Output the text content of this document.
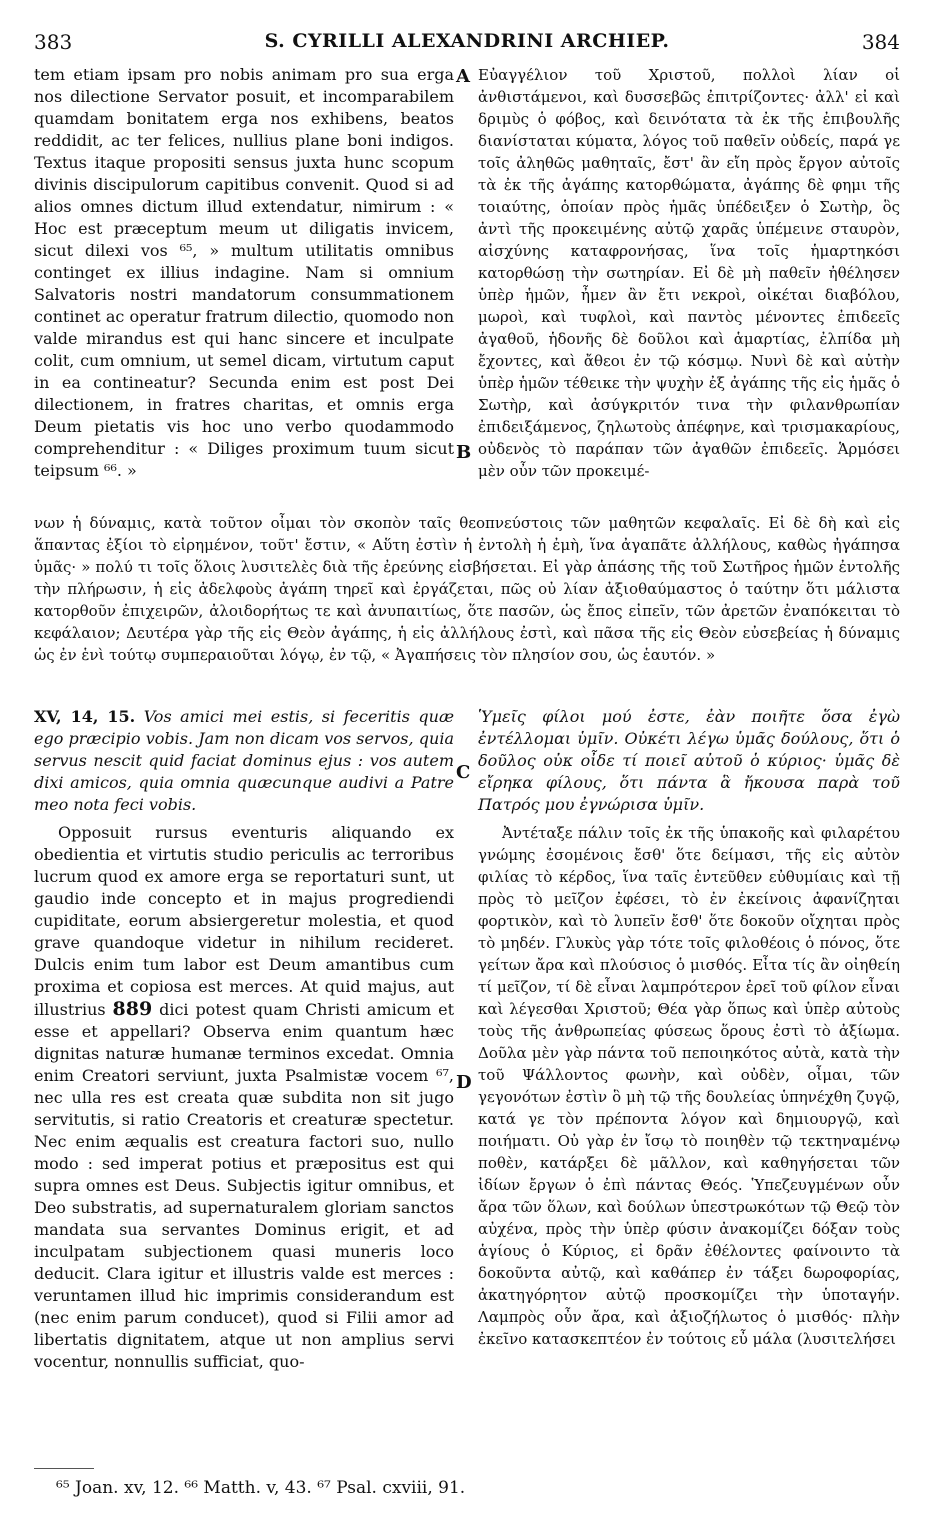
383	S. CYRILLI ALEXANDRINI ARCHIEP.	384

tem etiam ipsam pro nobis animam pro sua erga nos dilectione Servator posuit, et incomparabilem quamdam bonitatem erga nos exhibens, beatos reddidit, ac ter felices, nullius plane boni indigos. Textus itaque propositi sensus juxta hunc scopum divinis discipulorum capitibus convenit. Quod si ad alios omnes dictum illud extendatur, nimirum : « Hoc est præceptum meum ut diligatis invicem, sicut dilexi vos ⁶⁵, » multum utilitatis omnibus continget ex illius indagine. Nam si omnium Salvatoris nostri mandatorum consummationem continet ac operatur fratrum dilectio, quomodo non valde mirandus est qui hanc sincere et inculpate colit, cum omnium, ut semel dicam, virtutum caput in ea contineatur? Secunda enim est post Dei dilectionem, in fratres charitas, et omnis erga Deum pietatis vis hoc uno verbo quodammodo comprehenditur : « Diliges proximum tuum sicut teipsum ⁶⁶. »

A Εὐαγγέλιον τοῦ Χριστοῦ, πολλοὶ λίαν οἱ ἀνθιστάμενοι, καὶ δυσσεβῶς ἐπιτρίζοντες· ἀλλ' εἰ καὶ δριμὺς ὁ φόβος, καὶ δεινότατα τὰ ἐκ τῆς ἐπιβουλῆς διανίσταται κύματα, λόγος τοῦ παθεῖν οὐδείς, παρά γε τοῖς ἀληθῶς μαθηταῖς, ἔστ' ἂν εἴη πρὸς ἔργον αὐτοῖς τὰ ἐκ τῆς ἀγάπης κατορθώματα, ἀγάπης δὲ φημι τῆς τοιαύτης, ὁποίαν πρὸς ἡμᾶς ὑπέδειξεν ὁ Σωτὴρ, ὃς ἀντὶ τῆς προκειμένης αὐτῷ χαρᾶς ὑπέμεινε σταυρὸν, αἰσχύνης καταφρονήσας, ἵνα τοῖς ἡμαρτηκόσι κατορθώσῃ τὴν σωτηρίαν. Εἰ δὲ μὴ παθεῖν ἠθέλησεν ὑπὲρ ἡμῶν, ἦμεν ἂν ἔτι νεκροὶ, οἰκέται διαβόλου, μωροὶ, καὶ τυφλοὶ, καὶ παντὸς μένοντες ἐπιδεεῖς ἀγαθοῦ, ἡδονῆς δὲ δοῦλοι καὶ ἁμαρτίας, ἐλπίδα μὴ ἔχοντες, καὶ ἄθεοι ἐν τῷ κόσμῳ. Νυνὶ δὲ καὶ αὐτὴν ὑπὲρ ἡμῶν τέθεικε τὴν ψυχὴν ἐξ ἀγάπης τῆς εἰς ἡμᾶς ὁ Σωτὴρ, καὶ ἀσύγκριτόν τινα τὴν φιλανθρωπίαν ἐπιδειξάμενος, ζηλωτοὺς ἀπέφηνε, καὶ τρισμακαρίους, οὐδενὸς τὸ παράπαν τῶν ἀγαθῶν ἐπιδεεῖς. Ἁρμόσει μὲν οὖν τῶν προκειμέ-

B

νων ἡ δύναμις, κατὰ τοῦτον οἶμαι τὸν σκοπὸν ταῖς θεοπνεύστοις τῶν μαθητῶν κεφαλαῖς. Εἰ δὲ δὴ καὶ εἰς ἅπαντας ἐξίοι τὸ εἰρημένον, τοῦτ' ἔστιν, « Αὕτη ἐστὶν ἡ ἐντολὴ ἡ ἐμὴ, ἵνα ἀγαπᾶτε ἀλλήλους, καθὼς ἠγάπησα ὑμᾶς· » πολύ τι τοῖς ὅλοις λυσιτελὲς διὰ τῆς ἐρεύνης εἰσβήσεται. Εἰ γὰρ ἁπάσης τῆς τοῦ Σωτῆρος ἡμῶν ἐντολῆς τὴν πλήρωσιν, ἡ εἰς ἀδελφοὺς ἀγάπη τηρεῖ καὶ ἐργάζεται, πῶς οὐ λίαν ἀξιοθαύμαστος ὁ ταύτην ὅτι μάλιστα κατορθοῦν ἐπιχειρῶν, ἀλοιδορήτως τε καὶ ἀνυπαιτίως, ὅτε πασῶν, ὡς ἔπος εἰπεῖν, τῶν ἀρετῶν ἐναπόκειται τὸ κεφάλαιον; Δευτέρα γὰρ τῆς εἰς Θεὸν ἀγάπης, ἡ εἰς ἀλλήλους ἐστὶ, καὶ πᾶσα τῆς εἰς Θεὸν εὐσεβείας ἡ δύναμις ὡς ἐν ἑνὶ τούτῳ συμπεραιοῦται λόγῳ, ἐν τῷ, « Ἀγαπήσεις τὸν πλησίον σου, ὡς ἑαυτόν. »

XV, 14, 15. Vos amici mei estis, si feceritis quæ ego præcipio vobis. Jam non dicam vos servos, quia servus nescit quid faciat dominus ejus : vos autem dixi amicos, quia omnia quæcunque audivi a Patre meo nota feci vobis.

Opposuit rursus eventuris aliquando ex obedientia et virtutis studio periculis ac terroribus lucrum quod ex amore erga se reportaturi sunt, ut gaudio inde concepto et in majus progrediendi cupiditate, eorum absiergeretur molestia, et quod grave quandoque videtur in nihilum recideret. Dulcis enim tum labor est Deum amantibus cum proxima et copiosa est merces. At quid majus, aut illustrius 889 dici potest quam Christi amicum et esse et appellari? Observa enim quantum hæc dignitas naturæ humanæ terminos excedat. Omnia enim Creatori serviunt, juxta Psalmistæ vocem ⁶⁷, nec ulla res est creata quæ subdita non sit jugo servitutis, si ratio Creatoris et creaturæ spectetur. Nec enim æqualis est creatura factori suo, nullo modo : sed imperat potius et præpositus est qui supra omnes est Deus. Subjectis igitur omnibus, et Deo substratis, ad supernaturalem gloriam sanctos mandata sua servantes Dominus erigit, et ad inculpatam subjectionem quasi muneris loco deducit. Clara igitur et illustris valde est merces : veruntamen illud hic imprimis considerandum est (nec enim parum conducet), quod si Filii amor ad libertatis dignitatem, atque ut non amplius servi vocentur, nonnullis sufficiat, quo-

C
D

Ὑμεῖς φίλοι μού ἐστε, ἐὰν ποιῆτε ὅσα ἐγὼ ἐντέλλομαι ὑμῖν. Οὐκέτι λέγω ὑμᾶς δούλους, ὅτι ὁ δοῦλος οὐκ οἶδε τί ποιεῖ αὐτοῦ ὁ κύριος· ὑμᾶς δὲ εἴρηκα φίλους, ὅτι πάντα ἃ ἤκουσα παρὰ τοῦ Πατρός μου ἐγνώρισα ὑμῖν.

Ἀντέταξε πάλιν τοῖς ἐκ τῆς ὑπακοῆς καὶ φιλαρέτου γνώμης ἐσομένοις ἔσθ' ὅτε δείμασι, τῆς εἰς αὐτὸν φιλίας τὸ κέρδος, ἵνα ταῖς ἐντεῦθεν εὐθυμίαις καὶ τῇ πρὸς τὸ μεῖζον ἐφέσει, τὸ ἐν ἐκείνοις ἀφανίζηται φορτικὸν, καὶ τὸ λυπεῖν ἔσθ' ὅτε δοκοῦν οἴχηται πρὸς τὸ μηδέν. Γλυκὺς γὰρ τότε τοῖς φιλοθέοις ὁ πόνος, ὅτε γείτων ἄρα καὶ πλούσιος ὁ μισθός. Εἶτα τίς ἂν οἰηθείη τί μεῖζον, τί δὲ εἶναι λαμπρότερον ἐρεῖ τοῦ φίλον εἶναι καὶ λέγεσθαι Χριστοῦ; Θέα γὰρ ὅπως καὶ ὑπὲρ αὐτοὺς τοὺς τῆς ἀνθρωπείας φύσεως ὅρους ἐστὶ τὸ ἀξίωμα. Δοῦλα μὲν γὰρ πάντα τοῦ πεποιηκότος αὐτὰ, κατὰ τὴν τοῦ Ψάλλοντος φωνὴν, καὶ οὐδὲν, οἶμαι, τῶν γεγονότων ἐστὶν ὃ μὴ τῷ τῆς δουλείας ὑπηνέχθη ζυγῷ, κατά γε τὸν πρέποντα λόγον καὶ δημιουργῷ, καὶ ποιήματι. Οὐ γὰρ ἐν ἴσῳ τὸ ποιηθὲν τῷ τεκτηναμένῳ ποθὲν, κατάρξει δὲ μᾶλλον, καὶ καθηγήσεται τῶν ἰδίων ἔργων ὁ ἐπὶ πάντας Θεός. Ὑπεζευγμένων οὖν ἄρα τῶν ὅλων, καὶ δούλων ὑπεστρωκότων τῷ Θεῷ τὸν αὐχένα, πρὸς τὴν ὑπὲρ φύσιν ἀνακομίζει δόξαν τοὺς ἁγίους ὁ Κύριος, εἰ δρᾶν ἐθέλοντες φαίνοιντο τὰ δοκοῦντα αὐτῷ, καὶ καθάπερ ἐν τάξει δωροφορίας, ἀκατηγόρητον αὐτῷ προσκομίζει τὴν ὑποταγήν. Λαμπρὸς οὖν ἄρα, καὶ ἀξιοζήλωτος ὁ μισθός· πλὴν ἐκεῖνο κατασκεπτέον ἐν τούτοις εὖ μάλα (λυσιτελήσει

⁶⁵ Joan. xv, 12. ⁶⁶ Matth. v, 43. ⁶⁷ Psal. cxviii, 91.
